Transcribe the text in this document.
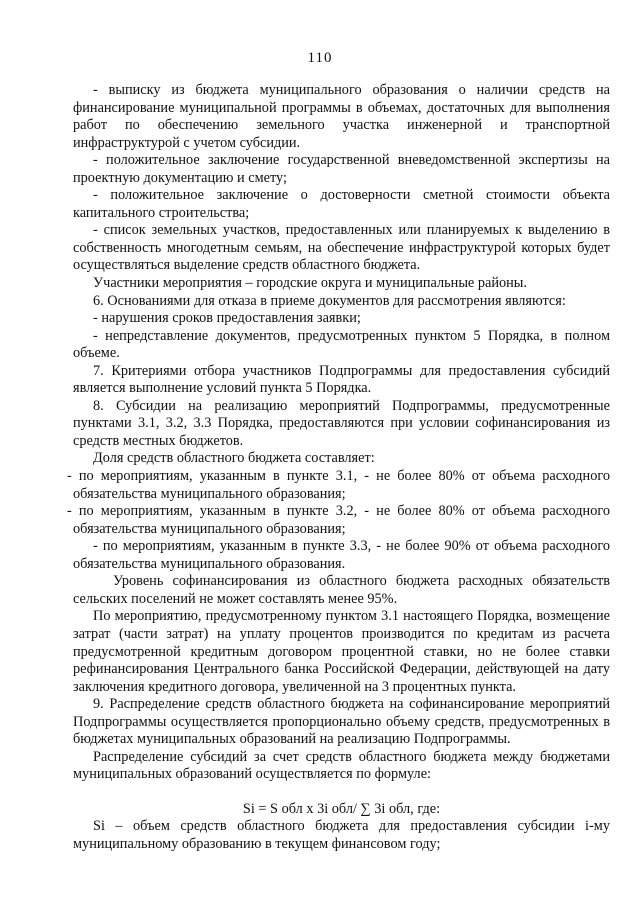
110

- выписку из бюджета муниципального образования о наличии средств на финансирование муниципальной программы в объемах, достаточных для выполнения работ по обеспечению земельного участка инженерной и транспортной инфраструктурой с учетом субсидии.

- положительное заключение государственной вневедомственной экспертизы на проектную документацию и смету;

- положительное заключение о достоверности сметной стоимости объекта капитального строительства;

- список земельных участков, предоставленных или планируемых к выделению в собственность многодетным семьям, на обеспечение инфраструктурой которых будет осуществляться выделение средств областного бюджета.

Участники мероприятия – городские округа и муниципальные районы.

6. Основаниями для отказа в приеме документов для рассмотрения являются:

- нарушения сроков предоставления заявки;

- непредставление документов, предусмотренных пунктом 5 Порядка, в полном объеме.

7. Критериями отбора участников Подпрограммы для предоставления субсидий является выполнение условий пункта 5 Порядка.

8. Субсидии на реализацию мероприятий Подпрограммы, предусмотренные пунктами 3.1, 3.2, 3.3 Порядка, предоставляются при условии софинансирования из средств местных бюджетов.

Доля средств областного бюджета составляет:

- по мероприятиям, указанным в пункте 3.1, - не более 80% от объема расходного обязательства муниципального образования;

- по мероприятиям, указанным в пункте 3.2, - не более 80% от объема расходного обязательства муниципального образования;

- по мероприятиям, указанным в пункте 3.3, - не более 90% от объема расходного обязательства муниципального образования.

Уровень софинансирования из областного бюджета расходных обязательств сельских поселений не может составлять менее 95%.

По мероприятию, предусмотренному пунктом 3.1 настоящего Порядка, возмещение затрат (части затрат) на уплату процентов производится по кредитам из расчета предусмотренной кредитным договором процентной ставки, но не более ставки рефинансирования Центрального банка Российской Федерации, действующей на дату заключения кредитного договора, увеличенной на 3 процентных пункта.

9. Распределение средств областного бюджета на софинансирование мероприятий Подпрограммы осуществляется пропорционально объему средств, предусмотренных в бюджетах муниципальных образований на реализацию Подпрограммы.

Распределение субсидий за счет средств областного бюджета между бюджетами муниципальных образований осуществляется по формуле:

Si = S обл x 3i обл/ ∑ 3i обл, где:

Si – объем средств областного бюджета для предоставления субсидии i-му муниципальному образованию в текущем финансовом году;
